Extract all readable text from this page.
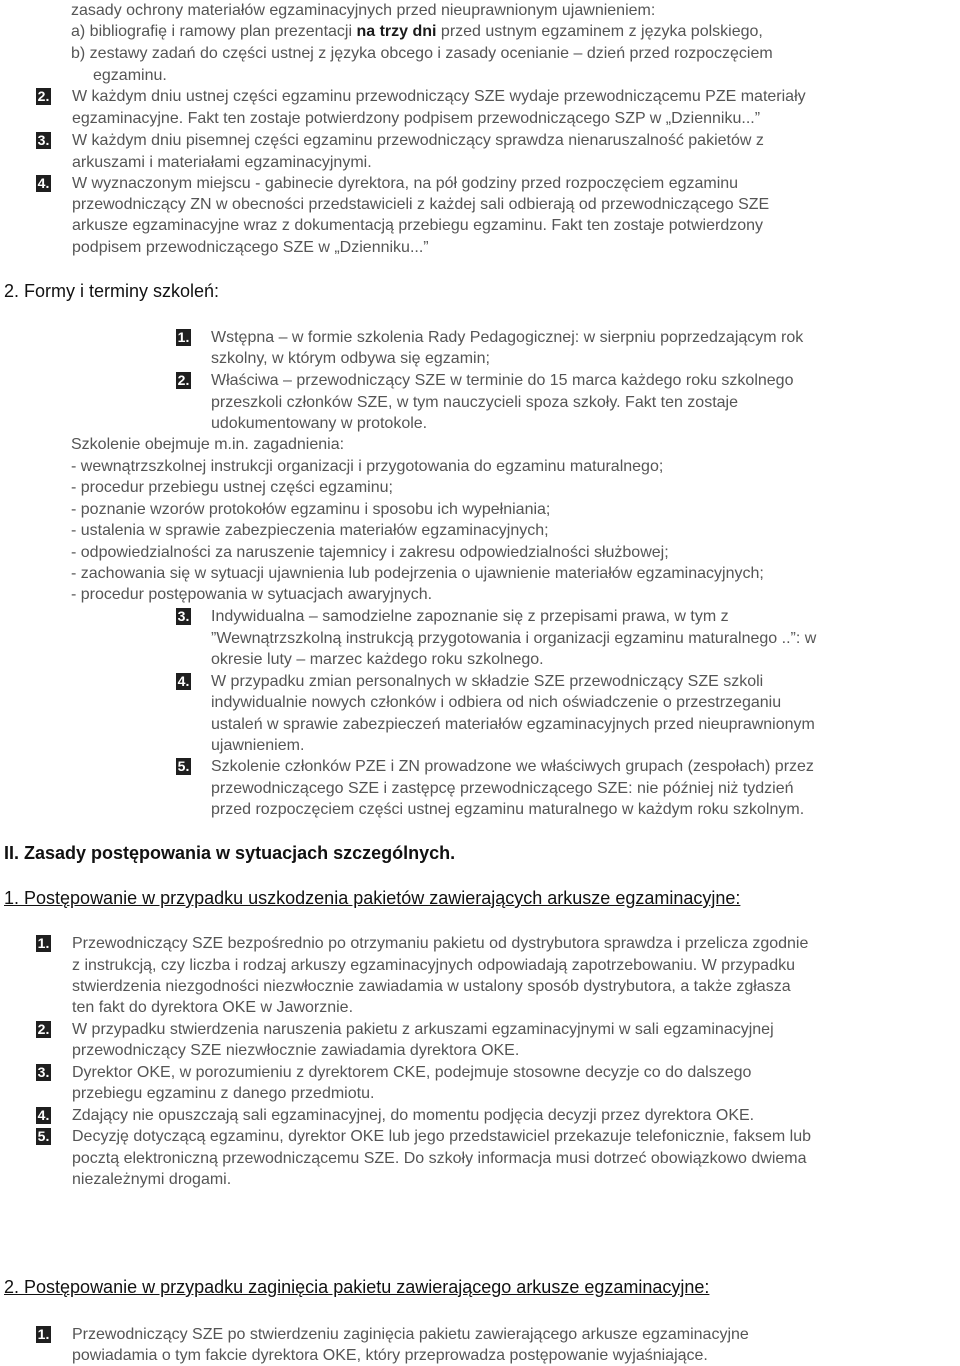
zasady ochrony materiałów egzaminacyjnych przed nieuprawnionym ujawnieniem:
a) bibliografię i ramowy plan prezentacji na trzy dni przed ustnym egzaminem z języka polskiego,
b) zestawy zadań do części ustnej z języka obcego i zasady ocenianie – dzień przed rozpoczęciem
egzaminu.
2. W każdym dniu ustnej części egzaminu przewodniczący SZE wydaje przewodniczącemu PZE materiały
egzaminacyjne. Fakt ten zostaje potwierdzony podpisem przewodniczącego SZP w „Dzienniku...”
3. W każdym dniu pisemnej części egzaminu przewodniczący sprawdza nienaruszalność pakietów z
arkuszami i materiałami egzaminacyjnymi.
4. W wyznaczonym miejscu - gabinecie dyrektora, na pół godziny przed rozpoczęciem egzaminu
przewodniczący ZN w obecności przedstawicieli z każdej sali odbierają od przewodniczącego SZE
arkusze egzaminacyjne wraz z dokumentacją przebiegu egzaminu. Fakt ten zostaje potwierdzony
podpisem przewodniczącego SZE w „Dzienniku...”
2. Formy i terminy szkoleń:
1. Wstępna – w formie szkolenia Rady Pedagogicznej: w sierpniu poprzedzającym rok
szkolny, w którym odbywa się egzamin;
2. Właściwa – przewodniczący SZE w terminie do 15 marca każdego roku szkolnego
przeszkoli członków SZE, w tym nauczycieli spoza szkoły. Fakt ten zostaje
udokumentowany w protokole.
Szkolenie obejmuje m.in. zagadnienia:
- wewnątrzszkolnej instrukcji organizacji i przygotowania do egzaminu maturalnego;
- procedur przebiegu ustnej części egzaminu;
- poznanie wzorów protokołów egzaminu i sposobu ich wypełniania;
- ustalenia w sprawie zabezpieczenia materiałów egzaminacyjnych;
- odpowiedzialności za naruszenie tajemnicy i zakresu odpowiedzialności służbowej;
- zachowania się w sytuacji ujawnienia lub podejrzenia o ujawnienie materiałów egzaminacyjnych;
- procedur postępowania w sytuacjach awaryjnych.
3. Indywidualna – samodzielne zapoznanie się z przepisami prawa, w tym z
”Wewnątrzszkolną instrukcją przygotowania i organizacji egzaminu maturalnego ..”: w
okresie luty – marzec każdego roku szkolnego.
4. W przypadku zmian personalnych w składzie SZE przewodniczący SZE szkoli
indywidualnie nowych członków i odbiera od nich oświadczenie o przestrzeganiu
ustaleń w sprawie zabezpieczeń materiałów egzaminacyjnych przed nieuprawnionym
ujawnieniem.
5. Szkolenie członków PZE i ZN prowadzone we właściwych grupach (zespołach) przez
przewodniczącego SZE i zastępcę przewodniczącego SZE: nie później niż tydzień
przed rozpoczęciem części ustnej egzaminu maturalnego w każdym roku szkolnym.
II. Zasady postępowania w sytuacjach szczególnych.
1. Postępowanie w przypadku uszkodzenia pakietów zawierających arkusze egzaminacyjne:
1. Przewodniczący SZE bezpośrednio po otrzymaniu pakietu od dystrybutora sprawdza i przelicza zgodnie
z instrukcją, czy liczba i rodzaj arkuszy egzaminacyjnych odpowiadają zapotrzebowaniu. W przypadku
stwierdzenia niezgodności niezwłocznie zawiadamia w ustalony sposób dystrybutora, a także zgłasza
ten fakt do dyrektora OKE w Jaworznie.
2. W przypadku stwierdzenia naruszenia pakietu z arkuszami egzaminacyjnymi w sali egzaminacyjnej
przewodniczący SZE niezwłocznie zawiadamia dyrektora OKE.
3. Dyrektor OKE, w porozumieniu z dyrektorem CKE, podejmuje stosowne decyzje co do dalszego
przebiegu egzaminu z danego przedmiotu.
4. Zdający nie opuszczają sali egzaminacyjnej, do momentu podjęcia decyzji przez dyrektora OKE.
5. Decyzję dotyczącą egzaminu, dyrektor OKE lub jego przedstawiciel przekazuje telefonicznie, faksem lub
pocztą elektroniczną przewodniczącemu SZE. Do szkoły informacja musi dotrzeć obowiązkowo dwiema
niezależnymi drogami.
2. Postępowanie w przypadku zaginięcia pakietu zawierającego arkusze egzaminacyjne:
1. Przewodniczący SZE po stwierdzeniu zaginięcia pakietu zawierającego arkusze egzaminacyjne
powiadamia o tym fakcie dyrektora OKE, który przeprowadza postępowanie wyjaśniające.
